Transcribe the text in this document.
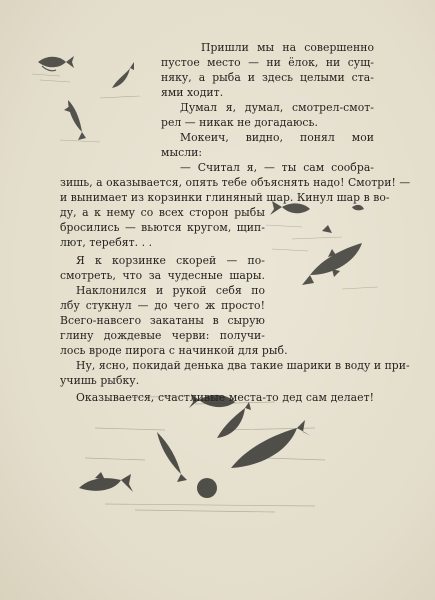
Пришли мы на совершенно
пустое место — ни ёлок, ни сущ-
няку, а рыба и здесь целыми ста-
ями ходит.
Думал я, думал, смотрел-смот-
рел — никак не догадаюсь.
Мокеич, видно, понял мои
мысли:
— Считал я, — ты сам сообра-
зишь, а оказывается, опять тебе объяснять надо! Смотри! —
и вынимает из корзинки глиняный шар. Кинул шар в во-
ду, а к нему со всех сторон рыбы
бросились — вьются кругом, щип-
лют, теребят. . .
Я к корзинке скорей — по-
смотреть, что за чудесные шары.
Наклонился и рукой себя по
лбу стукнул — до чего ж просто!
Всего-навсего закатаны в сырую
глину дождевые черви: получи-
лось вроде пирога с начинкой для рыб.
Ну, ясно, покидай денька два такие шарики в воду и при-
учишь рыбку.
Оказывается, счастливые места-то дед сам делает!
